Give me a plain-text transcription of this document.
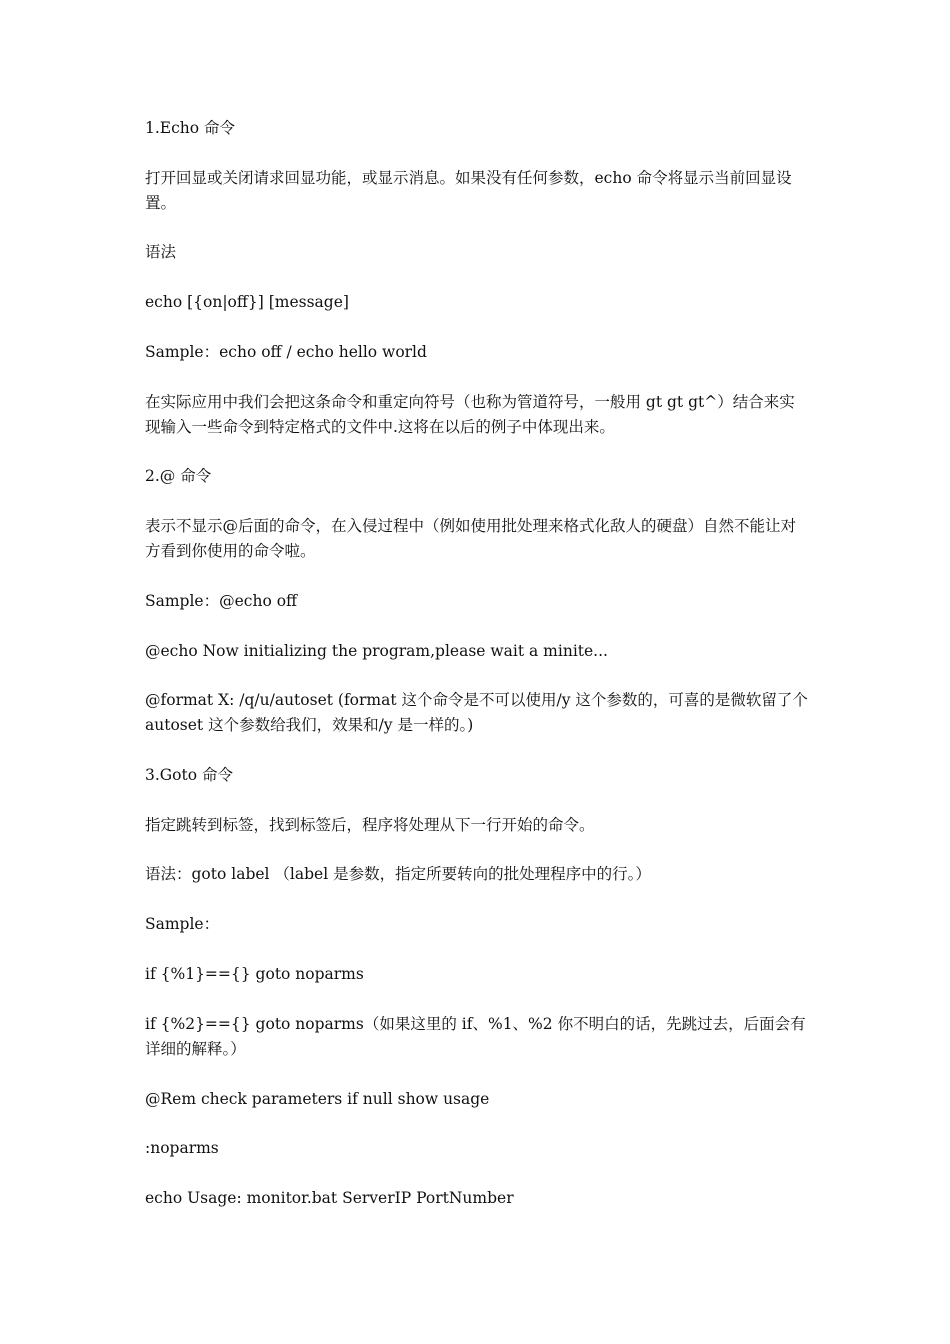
1.Echo 命令

打开回显或关闭请求回显功能，或显示消息。如果没有任何参数，echo 命令将显示当前回显设置。

语法

echo [{on|off}] [message]

Sample：echo off / echo hello world

在实际应用中我们会把这条命令和重定向符号（也称为管道符号，一般用 gt gt gt^）结合来实现输入一些命令到特定格式的文件中.这将在以后的例子中体现出来。

2.@ 命令

表示不显示@后面的命令，在入侵过程中（例如使用批处理来格式化敌人的硬盘）自然不能让对方看到你使用的命令啦。

Sample：@echo off

@echo Now initializing the program,please wait a minite...

@format X: /q/u/autoset (format 这个命令是不可以使用/y 这个参数的，可喜的是微软留了个 autoset 这个参数给我们，效果和/y 是一样的。)

3.Goto 命令

指定跳转到标签，找到标签后，程序将处理从下一行开始的命令。

语法：goto label （label 是参数，指定所要转向的批处理程序中的行。）

Sample：

if {%1}=={} goto noparms

if {%2}=={} goto noparms（如果这里的 if、%1、%2 你不明白的话，先跳过去，后面会有详细的解释。）

@Rem check parameters if null show usage

:noparms

echo Usage: monitor.bat ServerIP PortNumber
